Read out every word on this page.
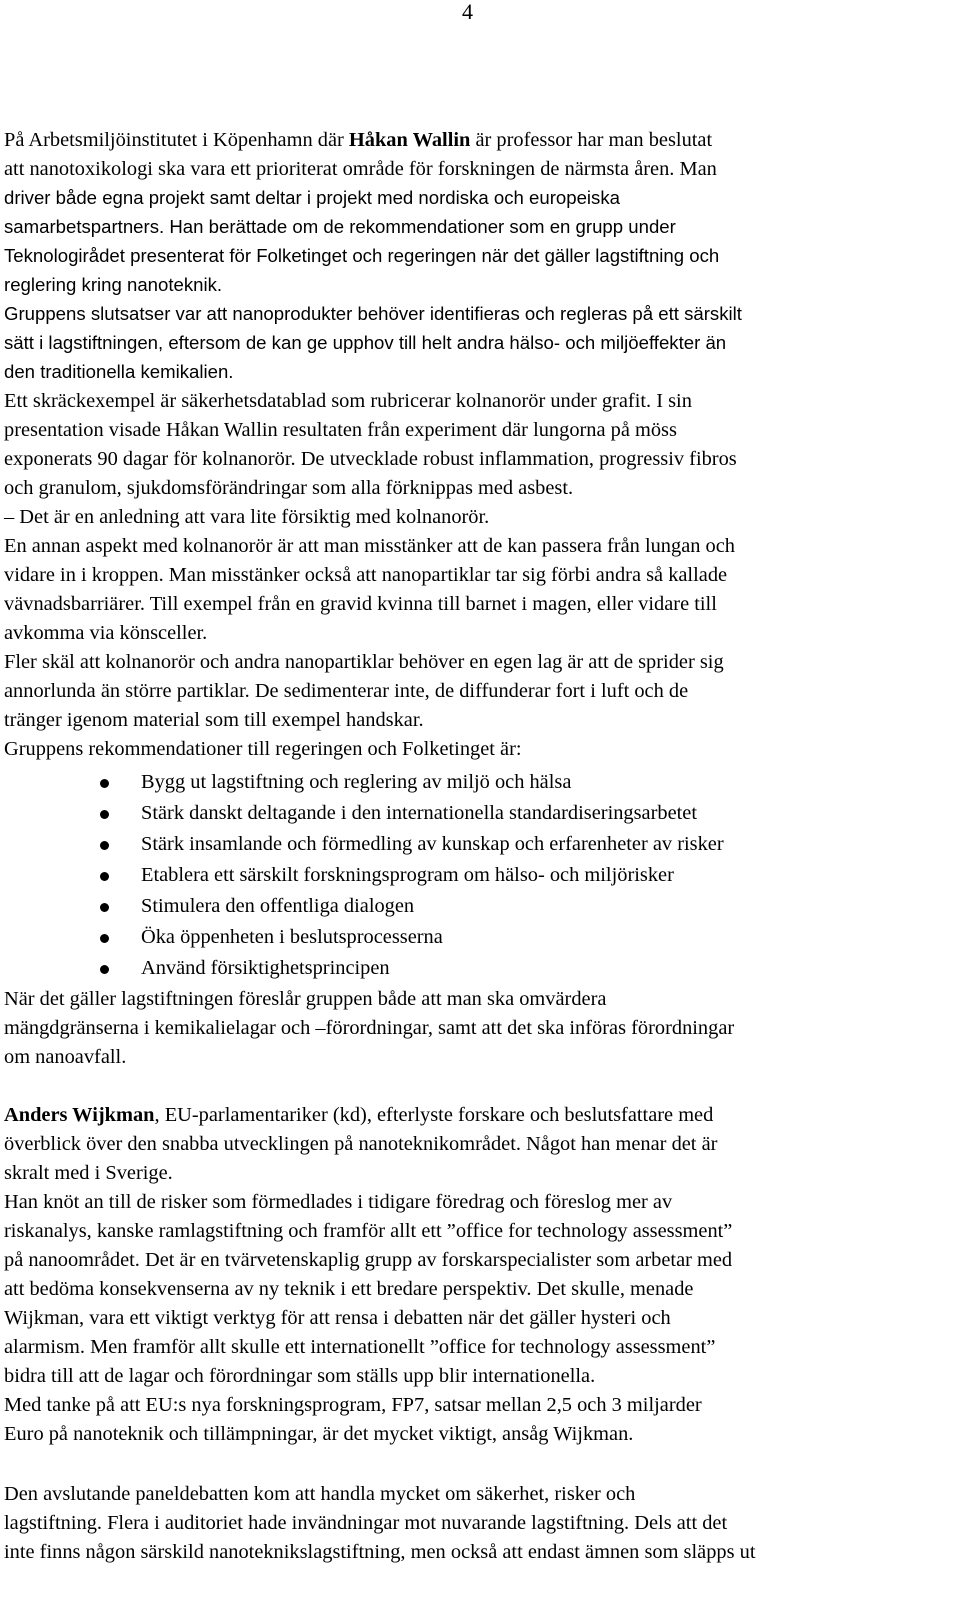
4
På Arbetsmiljöinstitutet i Köpenhamn där Håkan Wallin är professor har man beslutat
att nanotoxikologi ska vara ett prioriterat område för forskningen de närmsta åren. Man
driver både egna projekt samt deltar i projekt med nordiska och europeiska
samarbetspartners. Han berättade om de rekommendationer som en grupp under
Teknologirådet presenterat för Folketinget och regeringen när det gäller lagstiftning och
reglering kring nanoteknik.
Gruppens slutsatser var att nanoprodukter behöver identifieras och regleras på ett särskilt
sätt i lagstiftningen, eftersom de kan ge upphov till helt andra hälso- och miljöeffekter än
den traditionella kemikalien.
Ett skräckexempel är säkerhetsdatablad som rubricerar kolnanorör under grafit. I sin
presentation visade Håkan Wallin resultaten från experiment där lungorna på möss
exponerats 90 dagar för kolnanorör. De utvecklade robust inflammation, progressiv fibros
och granulom, sjukdomsförändringar som alla förknippas med asbest.
– Det är en anledning att vara lite försiktig med kolnanorör.
En annan aspekt med kolnanorör är att man misstänker att de kan passera från lungan och
vidare in i kroppen. Man misstänker också att nanopartiklar tar sig förbi andra så kallade
vävnadsbarriärer. Till exempel från en gravid kvinna till barnet i magen, eller vidare till
avkomma via könsceller.
Fler skäl att kolnanorör och andra nanopartiklar behöver en egen lag är att de sprider sig
annorlunda än större partiklar. De sedimenterar inte, de diffunderar fort i luft och de
tränger igenom material som till exempel handskar.
Gruppens rekommendationer till regeringen och Folketinget är:
Bygg ut lagstiftning och reglering av miljö och hälsa
Stärk danskt deltagande i den internationella standardiseringsarbetet
Stärk insamlande och förmedling av kunskap och erfarenheter av risker
Etablera ett särskilt forskningsprogram om hälso- och miljörisker
Stimulera den offentliga dialogen
Öka öppenheten i beslutsprocesserna
Använd försiktighetsprincipen
När det gäller lagstiftningen föreslår gruppen både att man ska omvärdera
mängdgränserna i kemikalielagar och –förordningar, samt att det ska införas förordningar
om nanoavfall.
Anders Wijkman, EU-parlamentariker (kd), efterlyste forskare och beslutsfattare med
överblick över den snabba utvecklingen på nanoteknikområdet. Något han menar det är
skralt med i Sverige.
Han knöt an till de risker som förmedlades i tidigare föredrag och föreslog mer av
riskanalys, kanske ramlagstiftning och framför allt ett ”office for technology assessment”
på nanoområdet. Det är en tvärvetenskaplig grupp av forskarspecialister som arbetar med
att bedöma konsekvenserna av ny teknik i ett bredare perspektiv. Det skulle, menade
Wijkman, vara ett viktigt verktyg för att rensa i debatten när det gäller hysteri och
alarmism. Men framför allt skulle ett internationellt ”office for technology assessment”
bidra till att de lagar och förordningar som ställs upp blir internationella.
Med tanke på att EU:s nya forskningsprogram, FP7, satsar mellan 2,5 och 3 miljarder
Euro på nanoteknik och tillämpningar, är det mycket viktigt, ansåg Wijkman.
Den avslutande paneldebatten kom att handla mycket om säkerhet, risker och
lagstiftning. Flera i auditoriet hade invändningar mot nuvarande lagstiftning. Dels att det
inte finns någon särskild nanoteknikslagstiftning, men också att endast ämnen som släpps ut
